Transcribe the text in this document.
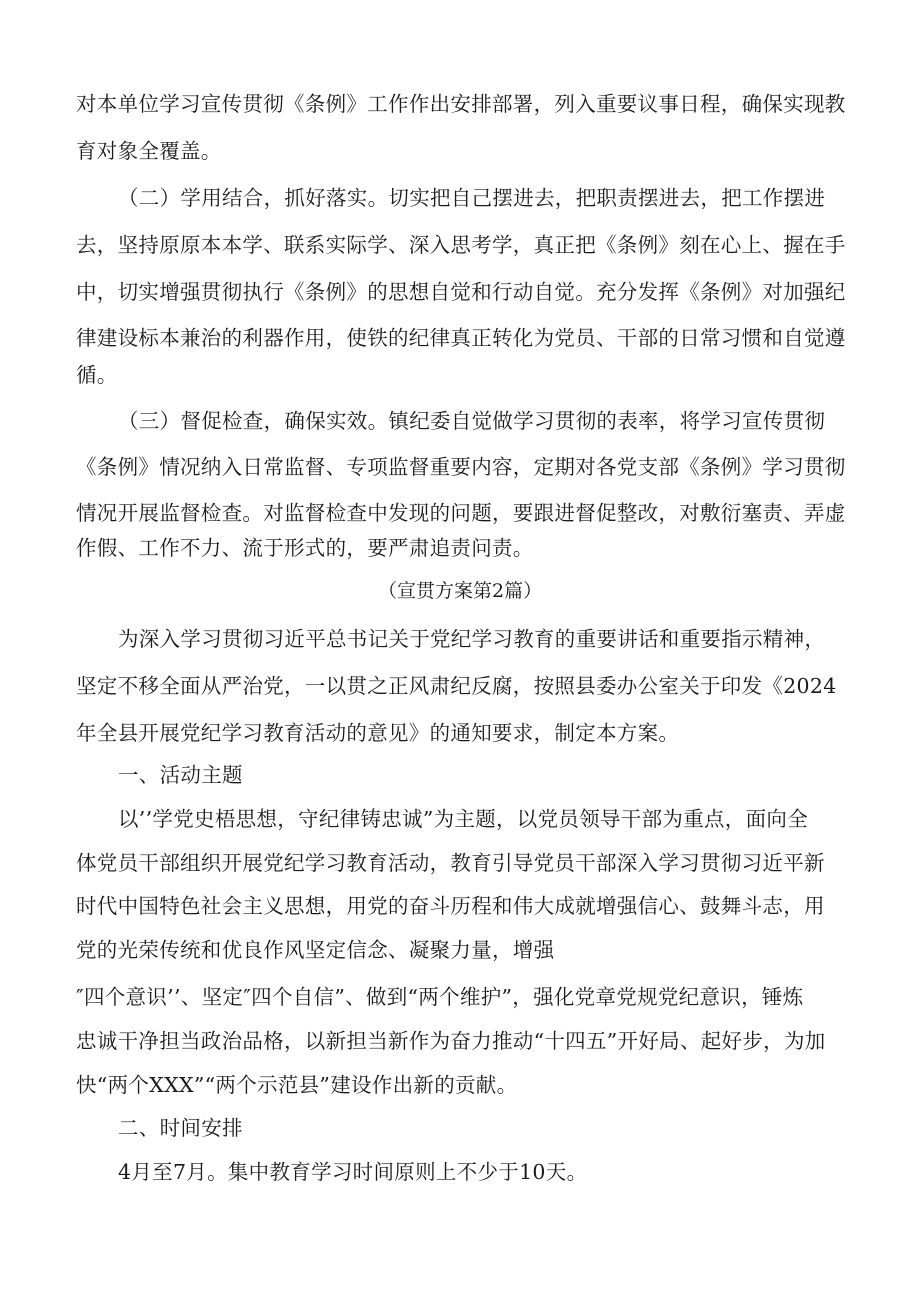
对本单位学习宣传贯彻《条例》工作作出安排部署，列入重要议事日程，确保实现教
育对象全覆盖。
（二）学用结合，抓好落实。切实把自己摆进去，把职责摆进去，把工作摆进
去，坚持原原本本学、联系实际学、深入思考学，真正把《条例》刻在心上、握在手
中，切实增强贯彻执行《条例》的思想自觉和行动自觉。充分发挥《条例》对加强纪
律建设标本兼治的利器作用，使铁的纪律真正转化为党员、干部的日常习惯和自觉遵
循。
（三）督促检查，确保实效。镇纪委自觉做学习贯彻的表率，将学习宣传贯彻
《条例》情况纳入日常监督、专项监督重要内容，定期对各党支部《条例》学习贯彻
情况开展监督检查。对监督检查中发现的问题，要跟进督促整改，对敷衍塞责、弄虚
作假、工作不力、流于形式的，要严肃追责问责。
（宣贯方案第2篇）
为深入学习贯彻习近平总书记关于党纪学习教育的重要讲话和重要指示精神，
坚定不移全面从严治党，一以贯之正风肃纪反腐，按照县委办公室关于印发《2024
年全县开展党纪学习教育活动的意见》的通知要求，制定本方案。
一、活动主题
以’’学党史梧思想，守纪律铸忠诚”为主题，以党员领导干部为重点，面向全
体党员干部组织开展党纪学习教育活动，教育引导党员干部深入学习贯彻习近平新
时代中国特色社会主义思想，用党的奋斗历程和伟大成就增强信心、鼓舞斗志，用
党的光荣传统和优良作风坚定信念、凝聚力量，增强
″四个意识’’、坚定″四个自信”、做到“两个维护”，强化党章党规党纪意识，锤炼
忠诚干净担当政治品格，以新担当新作为奋力推动“十四五”开好局、起好步，为加
快“两个XXX”“两个示范县”建设作出新的贡献。
二、时间安排
4月至7月。集中教育学习时间原则上不少于10天。
